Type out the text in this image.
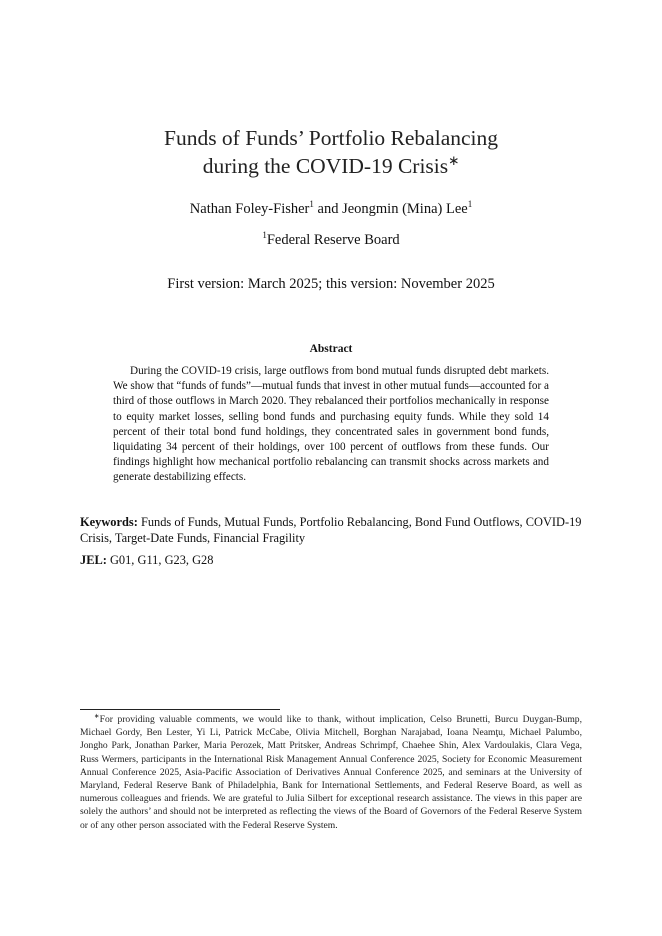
Funds of Funds’ Portfolio Rebalancing
during the COVID-19 Crisis∗
Nathan Foley-Fisher$^1$ and Jeongmin (Mina) Lee$^1$
$^1$Federal Reserve Board
First version: March 2025; this version: November 2025
Abstract
During the COVID-19 crisis, large outflows from bond mutual funds disrupted debt markets. We show that “funds of funds”—mutual funds that invest in other mutual funds—accounted for a third of those outflows in March 2020. They rebalanced their portfolios mechanically in response to equity market losses, selling bond funds and purchasing equity funds. While they sold 14 percent of their total bond fund holdings, they concentrated sales in government bond funds, liquidating 34 percent of their holdings, over 100 percent of outflows from these funds. Our findings highlight how mechanical portfolio rebalancing can transmit shocks across markets and generate destabilizing effects.
Keywords: Funds of Funds, Mutual Funds, Portfolio Rebalancing, Bond Fund Outflows, COVID-19 Crisis, Target-Date Funds, Financial Fragility
JEL: G01, G11, G23, G28
∗For providing valuable comments, we would like to thank, without implication, Celso Brunetti, Burcu Duygan-Bump, Michael Gordy, Ben Lester, Yi Li, Patrick McCabe, Olivia Mitchell, Borghan Narajabad, Ioana Neamţu, Michael Palumbo, Jongho Park, Jonathan Parker, Maria Perozek, Matt Pritsker, Andreas Schrimpf, Chaehee Shin, Alex Vardoulakis, Clara Vega, Russ Wermers, participants in the International Risk Management Annual Conference 2025, Society for Economic Measurement Annual Conference 2025, Asia-Pacific Association of Derivatives Annual Conference 2025, and seminars at the University of Maryland, Federal Reserve Bank of Philadelphia, Bank for International Settlements, and Federal Reserve Board, as well as numerous colleagues and friends. We are grateful to Julia Silbert for exceptional research assistance. The views in this paper are solely the authors’ and should not be interpreted as reflecting the views of the Board of Governors of the Federal Reserve System or of any other person associated with the Federal Reserve System.
